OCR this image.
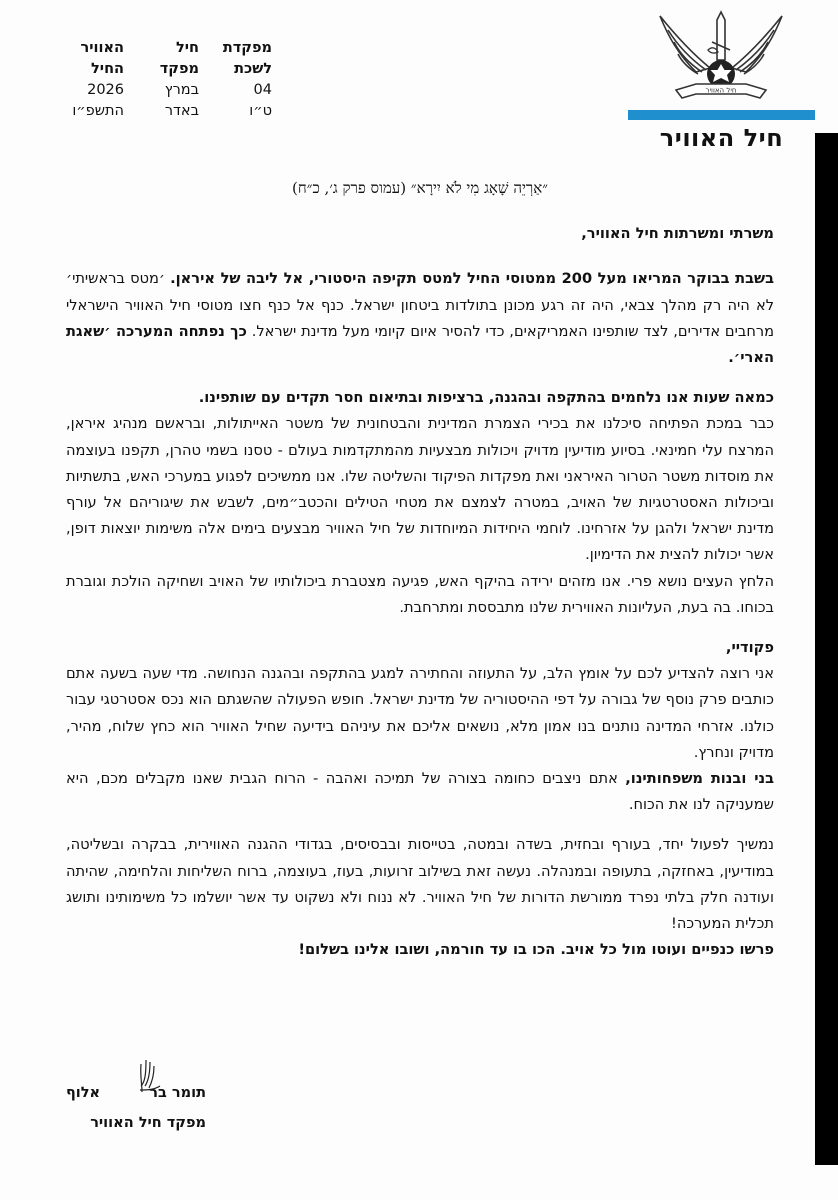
מפקדת
חיל
האוויר
לשכת
מפקד
החיל
04
במרץ
2026
ט״ו
באדר
התשפ״ו
חיל האוויר
חיל האוויר
״אַרְיֵה שָׁאָג מִי לֹא יִירָא״ (עמוס פרק ג׳, כ״ח)
משרתי ומשרתות חיל האוויר,

בשבת בבוקר המריאו מעל 200 ממטוסי החיל למטס תקיפה היסטורי, אל ליבה של איראן. ׳מטס בראשיתי׳ לא היה רק מהלך צבאי, היה זה רגע מכונן בתולדות ביטחון ישראל. כנף אל כנף חצו מטוסי חיל האוויר הישראלי מרחבים אדירים, לצד שותפינו האמריקאים, כדי להסיר איום קיומי מעל מדינת ישראל. כך נפתחה המערכה ׳שאגת הארי׳.

כמאה שעות אנו נלחמים בהתקפה ובהגנה, ברציפות ובתיאום חסר תקדים עם שותפינו.

כבר במכת הפתיחה סיכלנו את בכירי הצמרת המדינית והבטחונית של משטר האייתולות, ובראשם מנהיג איראן, המרצח עלי חמינאי. בסיוע מודיעין מדויק ויכולות מבצעיות מהמתקדמות בעולם - טסנו בשמי טהרן, תקפנו בעוצמה את מוסדות משטר הטרור האיראני ואת מפקדות הפיקוד והשליטה שלו. אנו ממשיכים לפגוע במערכי האש, בתשתיות וביכולות האסטרטגיות של האויב, במטרה לצמצם את מטחי הטילים והכטב״מים, לשבש את שיגוריהם אל עורף מדינת ישראל ולהגן על אזרחינו. לוחמי היחידות המיוחדות של חיל האוויר מבצעים בימים אלה משימות יוצאות דופן, אשר יכולות להצית את הדימיון.

הלחץ העצים נושא פרי. אנו מזהים ירידה בהיקף האש, פגיעה מצטברת ביכולותיו של האויב ושחיקה הולכת וגוברת בכוחו. בה בעת, העליונות האווירית שלנו מתבססת ומתרחבת.

פקודיי,

אני רוצה להצדיע לכם על אומץ הלב, על התעוזה והחתירה למגע בהתקפה ובהגנה הנחושה. מדי שעה בשעה אתם כותבים פרק נוסף של גבורה על דפי ההיסטוריה של מדינת ישראל. חופש הפעולה שהשגתם הוא נכס אסטרטגי עבור כולנו. אזרחי המדינה נותנים בנו אמון מלא, נושאים אליכם את עיניהם בידיעה שחיל האוויר הוא כחץ שלוח, מהיר, מדויק ונחרץ.

בני ובנות משפחותינו, אתם ניצבים כחומה בצורה של תמיכה ואהבה - הרוח הגבית שאנו מקבלים מכם, היא שמעניקה לנו את הכוח.

נמשיך לפעול יחד, בעורף ובחזית, בשדה ובמטה, בטייסות ובבסיסים, בגדודי ההגנה האווירית, בבקרה ובשליטה, במודיעין, באחזקה, בתעופה ובמנהלה. נעשה זאת בשילוב זרועות, בעוז, בעוצמה, ברוח השליחות והלחימה, שהיתה ועודנה חלק בלתי נפרד ממורשת הדורות של חיל האוויר. לא ננוח ולא נשקוט עד אשר יושלמו כל משימותינו ותושג תכלית המערכה!

פרשו כנפיים ועוטו מול כל אויב. הכו בו עד חורמה, ושובו אלינו בשלום!

תומר בר
אלוף
מפקד חיל האוויר
